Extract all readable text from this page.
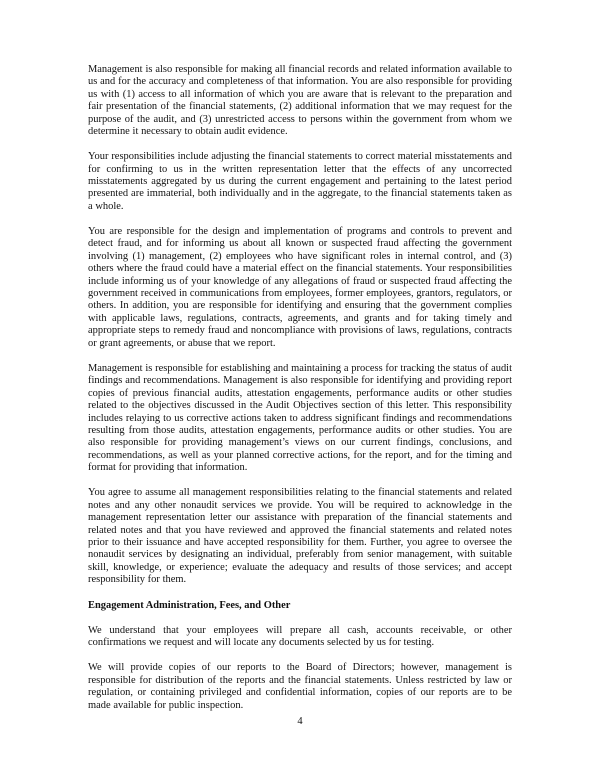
Management is also responsible for making all financial records and related information available to us and for the accuracy and completeness of that information. You are also responsible for providing us with (1) access to all information of which you are aware that is relevant to the preparation and fair presentation of the financial statements, (2) additional information that we may request for the purpose of the audit, and (3) unrestricted access to persons within the government from whom we determine it necessary to obtain audit evidence.

Your responsibilities include adjusting the financial statements to correct material misstatements and for confirming to us in the written representation letter that the effects of any uncorrected misstatements aggregated by us during the current engagement and pertaining to the latest period presented are immaterial, both individually and in the aggregate, to the financial statements taken as a whole.

You are responsible for the design and implementation of programs and controls to prevent and detect fraud, and for informing us about all known or suspected fraud affecting the government involving (1) management, (2) employees who have significant roles in internal control, and (3) others where the fraud could have a material effect on the financial statements. Your responsibilities include informing us of your knowledge of any allegations of fraud or suspected fraud affecting the government received in communications from employees, former employees, grantors, regulators, or others. In addition, you are responsible for identifying and ensuring that the government complies with applicable laws, regulations, contracts, agreements, and grants and for taking timely and appropriate steps to remedy fraud and noncompliance with provisions of laws, regulations, contracts or grant agreements, or abuse that we report.

Management is responsible for establishing and maintaining a process for tracking the status of audit findings and recommendations. Management is also responsible for identifying and providing report copies of previous financial audits, attestation engagements, performance audits or other studies related to the objectives discussed in the Audit Objectives section of this letter. This responsibility includes relaying to us corrective actions taken to address significant findings and recommendations resulting from those audits, attestation engagements, performance audits or other studies. You are also responsible for providing management’s views on our current findings, conclusions, and recommendations, as well as your planned corrective actions, for the report, and for the timing and format for providing that information.

You agree to assume all management responsibilities relating to the financial statements and related notes and any other nonaudit services we provide. You will be required to acknowledge in the management representation letter our assistance with preparation of the financial statements and related notes and that you have reviewed and approved the financial statements and related notes prior to their issuance and have accepted responsibility for them. Further, you agree to oversee the nonaudit services by designating an individual, preferably from senior management, with suitable skill, knowledge, or experience; evaluate the adequacy and results of those services; and accept responsibility for them.

Engagement Administration, Fees, and Other

We understand that your employees will prepare all cash, accounts receivable, or other confirmations we request and will locate any documents selected by us for testing.

We will provide copies of our reports to the Board of Directors; however, management is responsible for distribution of the reports and the financial statements. Unless restricted by law or regulation, or containing privileged and confidential information, copies of our reports are to be made available for public inspection.

4
